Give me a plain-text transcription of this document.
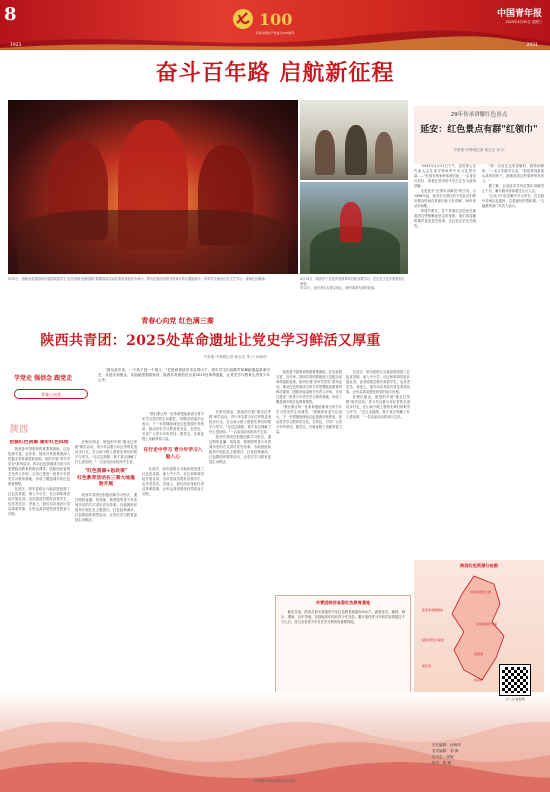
8	100
庆祝中国共产党成立100周年
中国青年报
2025年4月30日 星期三
1921	2021
奋斗百年路 启航新征程
5月2日，团陕西省委组织开展的陕西学生"红色资源·创意思政"网课巡讲活动在陕西省延安市举行。图为在陕西省图书馆举行的专题展演中，青年学生演出红色文艺节目，传承红色精神。	4月12日，陕西学子在延安枣园革命旧址参观学习，在红色文化中感悟初心使命。
5月2日，延安青年参观宝塔山，聆听革命先辈的故事。
29年传承讲解红色景点
延安：红色景点有群"红领巾"
中青报·中青网记者 杨宝光 李 川

"1945年4月23日下午，党的第七次代表大会在延安杨家岭中央大礼堂开幕……"在延安杨家岭革命旧址，一名身穿白衬衫、系着红领巾的小学生正在为游客讲解。

这是延安"红领巾讲解员"的日常。自1996年起，延安市宝塔区的少先队员们利用课余时间在革命旧址义务讲解，29年来从未间断。

每逢节假日，各个革命纪念馆里总能看到这些稚嫩而坚定的身影。他们用清脆的童声讲述党史故事，让红色记忆代代相传。

"第一次站在这里讲解时，我特别紧张。"一名五年级学生说，"但是看到游客认真听的样子，我就觉得这件事特别有意义。"

据了解，目前延安共有红领巾讲解员上千名，累计服务游客超过百万人次。

"让孩子们在讲解中学习党史，在实践中传承红色基因，这是最好的思政课。"当地教育部门负责人表示。

青春心向党 红色满三秦
陕西共青团：2025处革命遗址让党史学习鲜活又厚重
中青报·中青网记者 杨宝光 李 川 孙海华
学党史 强信念 跟党走
青春心向党
陕西

"我从延安来，一个孩子到一个战士。"在陕西省延安市宝塔山下，青年学生们用歌声和舞蹈重温革命历史。从延安到照金，从南泥湾到梁家河，陕西共青团依托全省2025处革命遗址，让党史学习教育走进青少年心中。

挖掘红色资源 建好红色阵地

陕西是中国革命的重要策源地，红色资源丰富。近年来，陕西共青团系统深入挖掘全省革命遗址资源，组织开展"青年学党史"系列活动，推动红色资源成为青少年思想政治教育的鲜活课堂。团陕西省委相关负责人介绍，全省已建成一批青少年党史学习教育基地，形成了覆盖城乡的红色教育网络。

在延安，团市委联合当地高校组建了红色宣讲团，深入中小学、社区和革命旧址开展宣讲。宣讲团成员既有高校学生，也有老党员、老战士，他们用亲身经历讲述革命故事，让听众真切感受到党的奋斗历程。

在铜川照金，团组织开展"重走红军路"研学活动，青少年沿着当年红军的足迹徒步行走，在山间小路上感悟先辈们的艰辛与坚守。"走过这段路，我才真正理解了什么是信仰。"一名参加活动的高中生说。

"红色资源+思政课"
红色教育活动在三秦大地蓬勃开展

陕西共青团还积极创新学习形式，通过网络直播、短视频、情景剧等青少年喜闻乐见的方式讲好党史故事。各地团组织组织开展红色主题团日、红色经典诵读、红色歌曲传唱等活动，让党史学习教育更加生动鲜活。

"我们要让每一处革命遗址都成为青少年学习党史的生动课堂。"团陕西省委书记表示，下一步将继续深化红色资源开发利用，推动党史学习教育常态化、长效化，引导广大青少年听党话、跟党走，在新征程上贡献青春力量。

在行走中学习 青少年学习入脑入心

在延安，团市委联合当地高校组建了红色宣讲团，深入中小学、社区和革命旧址开展宣讲。宣讲团成员既有高校学生，也有老党员、老战士，他们用亲身经历讲述革命故事，让听众真切感受到党的奋斗历程。

在铜川照金，团组织开展"重走红军路"研学活动，青少年沿着当年红军的足迹徒步行走，在山间小路上感悟先辈们的艰辛与坚守。"走过这段路，我才真正理解了什么是信仰。"一名参加活动的高中生说。

陕西共青团还积极创新学习形式，通过网络直播、短视频、情景剧等青少年喜闻乐见的方式讲好党史故事。各地团组织组织开展红色主题团日、红色经典诵读、红色歌曲传唱等活动，让党史学习教育更加生动鲜活。

陕西是中国革命的重要策源地，红色资源丰富。近年来，陕西共青团系统深入挖掘全省革命遗址资源，组织开展"青年学党史"系列活动，推动红色资源成为青少年思想政治教育的鲜活课堂。团陕西省委相关负责人介绍，全省已建成一批青少年党史学习教育基地，形成了覆盖城乡的红色教育网络。

"我们要让每一处革命遗址都成为青少年学习党史的生动课堂。"团陕西省委书记表示，下一步将继续深化红色资源开发利用，推动党史学习教育常态化、长效化，引导广大青少年听党话、跟党走，在新征程上贡献青春力量。

在延安，团市委联合当地高校组建了红色宣讲团，深入中小学、社区和革命旧址开展宣讲。宣讲团成员既有高校学生，也有老党员、老战士，他们用亲身经历讲述革命故事，让听众真切感受到党的奋斗历程。

在铜川照金，团组织开展"重走红军路"研学活动，青少年沿着当年红军的足迹徒步行走，在山间小路上感悟先辈们的艰辛与坚守。"走过这段路，我才真正理解了什么是信仰。"一名参加活动的高中生说。

共青团陕西省委红色教育基地

截至目前，陕西共命名省级青少年红色教育基地200余个，涵盖延安、榆林、铜川、渭南、汉中等地。各基地常年面向青少年开放，累计接待青少年研学参观超过千万人次，成为全省青少年党史学习教育的重要阵地。

陕西红色资源分布图
延安革命纪念地
照金革命根据地
扶眉战役纪念馆
八路军西安办事处
南泥湾
梁家河
杨家岭
扫一扫 看视频
责任编辑：孙海华
美术编辑：李 海
实习生：张敏
校对：程 稿
（本版图片均由团陕西省委提供）
